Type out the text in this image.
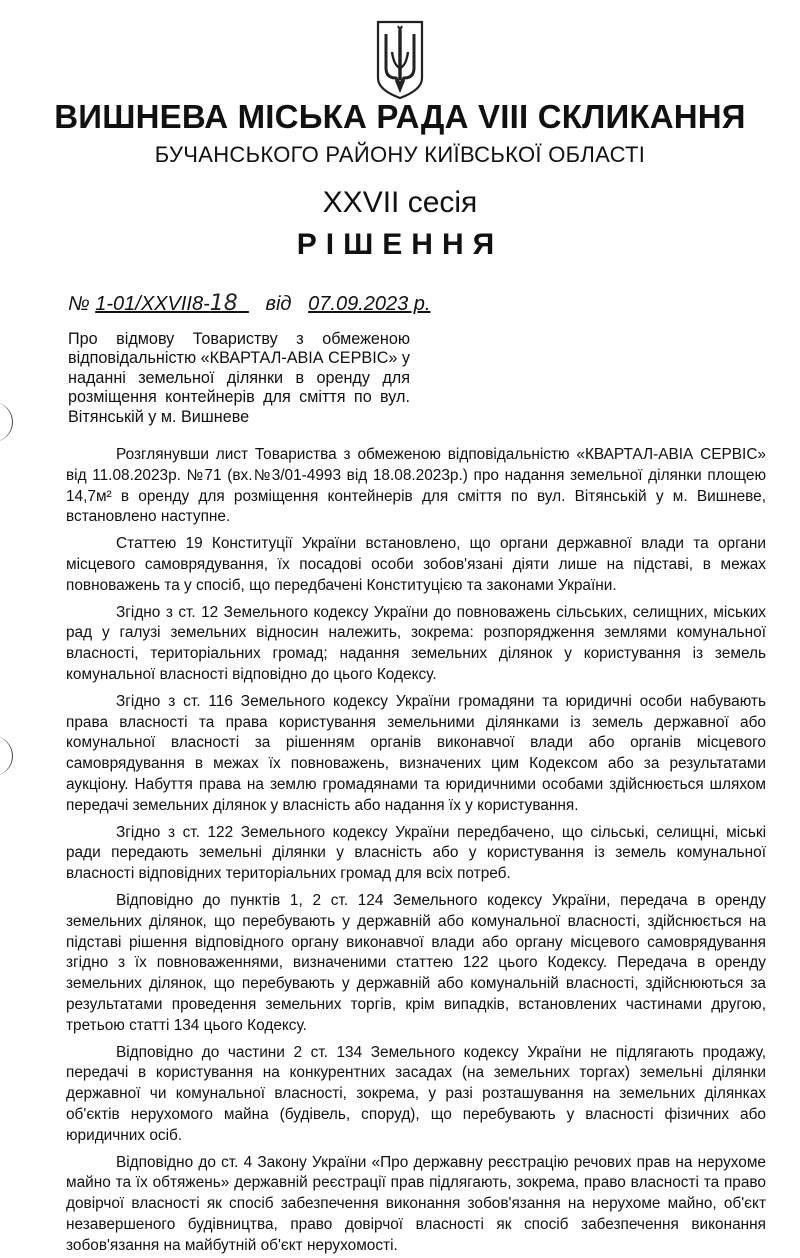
ВИШНЕВА МІСЬКА РАДА VIII СКЛИКАННЯ
БУЧАНСЬКОГО РАЙОНУ КИЇВСЬКОЇ ОБЛАСТІ
XXVII сесія
РІШЕННЯ
№ 1-01/XXVII8-18 від 07.09.2023 р.
Про відмову Товариству з обмеженою відповідальністю «КВАРТАЛ-АВІА СЕРВІС» у наданні земельної ділянки в оренду для розміщення контейнерів для сміття по вул. Вітянській у м. Вишневе

Розглянувши лист Товариства з обмеженою відповідальністю «КВАРТАЛ-АВІА СЕРВІС» від 11.08.2023р. №71 (вх.№3/01-4993 від 18.08.2023р.) про надання земельної ділянки площею 14,7м² в оренду для розміщення контейнерів для сміття по вул. Вітянській у м. Вишневе, встановлено наступне.

Статтею 19 Конституції України встановлено, що органи державної влади та органи місцевого самоврядування, їх посадові особи зобов'язані діяти лише на підставі, в межах повноважень та у спосіб, що передбачені Конституцією та законами України.

Згідно з ст. 12 Земельного кодексу України до повноважень сільських, селищних, міських рад у галузі земельних відносин належить, зокрема: розпорядження землями комунальної власності, територіальних громад; надання земельних ділянок у користування із земель комунальної власності відповідно до цього Кодексу.

Згідно з ст. 116 Земельного кодексу України громадяни та юридичні особи набувають права власності та права користування земельними ділянками із земель державної або комунальної власності за рішенням органів виконавчої влади або органів місцевого самоврядування в межах їх повноважень, визначених цим Кодексом або за результатами аукціону. Набуття права на землю громадянами та юридичними особами здійснюється шляхом передачі земельних ділянок у власність або надання їх у користування.

Згідно з ст. 122 Земельного кодексу України передбачено, що сільські, селищні, міські ради передають земельні ділянки у власність або у користування із земель комунальної власності відповідних територіальних громад для всіх потреб.

Відповідно до пунктів 1, 2 ст. 124 Земельного кодексу України, передача в оренду земельних ділянок, що перебувають у державній або комунальної власності, здійснюється на підставі рішення відповідного органу виконавчої влади або органу місцевого самоврядування згідно з їх повноваженнями, визначеними статтею 122 цього Кодексу. Передача в оренду земельних ділянок, що перебувають у державній або комунальній власності, здійснюються за результатами проведення земельних торгів, крім випадків, встановлених частинами другою, третьою статті 134 цього Кодексу.

Відповідно до частини 2 ст. 134 Земельного кодексу України не підлягають продажу, передачі в користування на конкурентних засадах (на земельних торгах) земельні ділянки державної чи комунальної власності, зокрема, у разі розташування на земельних ділянках об'єктів нерухомого майна (будівель, споруд), що перебувають у власності фізичних або юридичних осіб.

Відповідно до ст. 4 Закону України «Про державну реєстрацію речових прав на нерухоме майно та їх обтяжень» державній реєстрації прав підлягають, зокрема, право власності та право довірчої власності як спосіб забезпечення виконання зобов'язання на нерухоме майно, об'єкт незавершеного будівництва, право довірчої власності як спосіб забезпечення виконання зобов'язання на майбутній об'єкт нерухомості.
